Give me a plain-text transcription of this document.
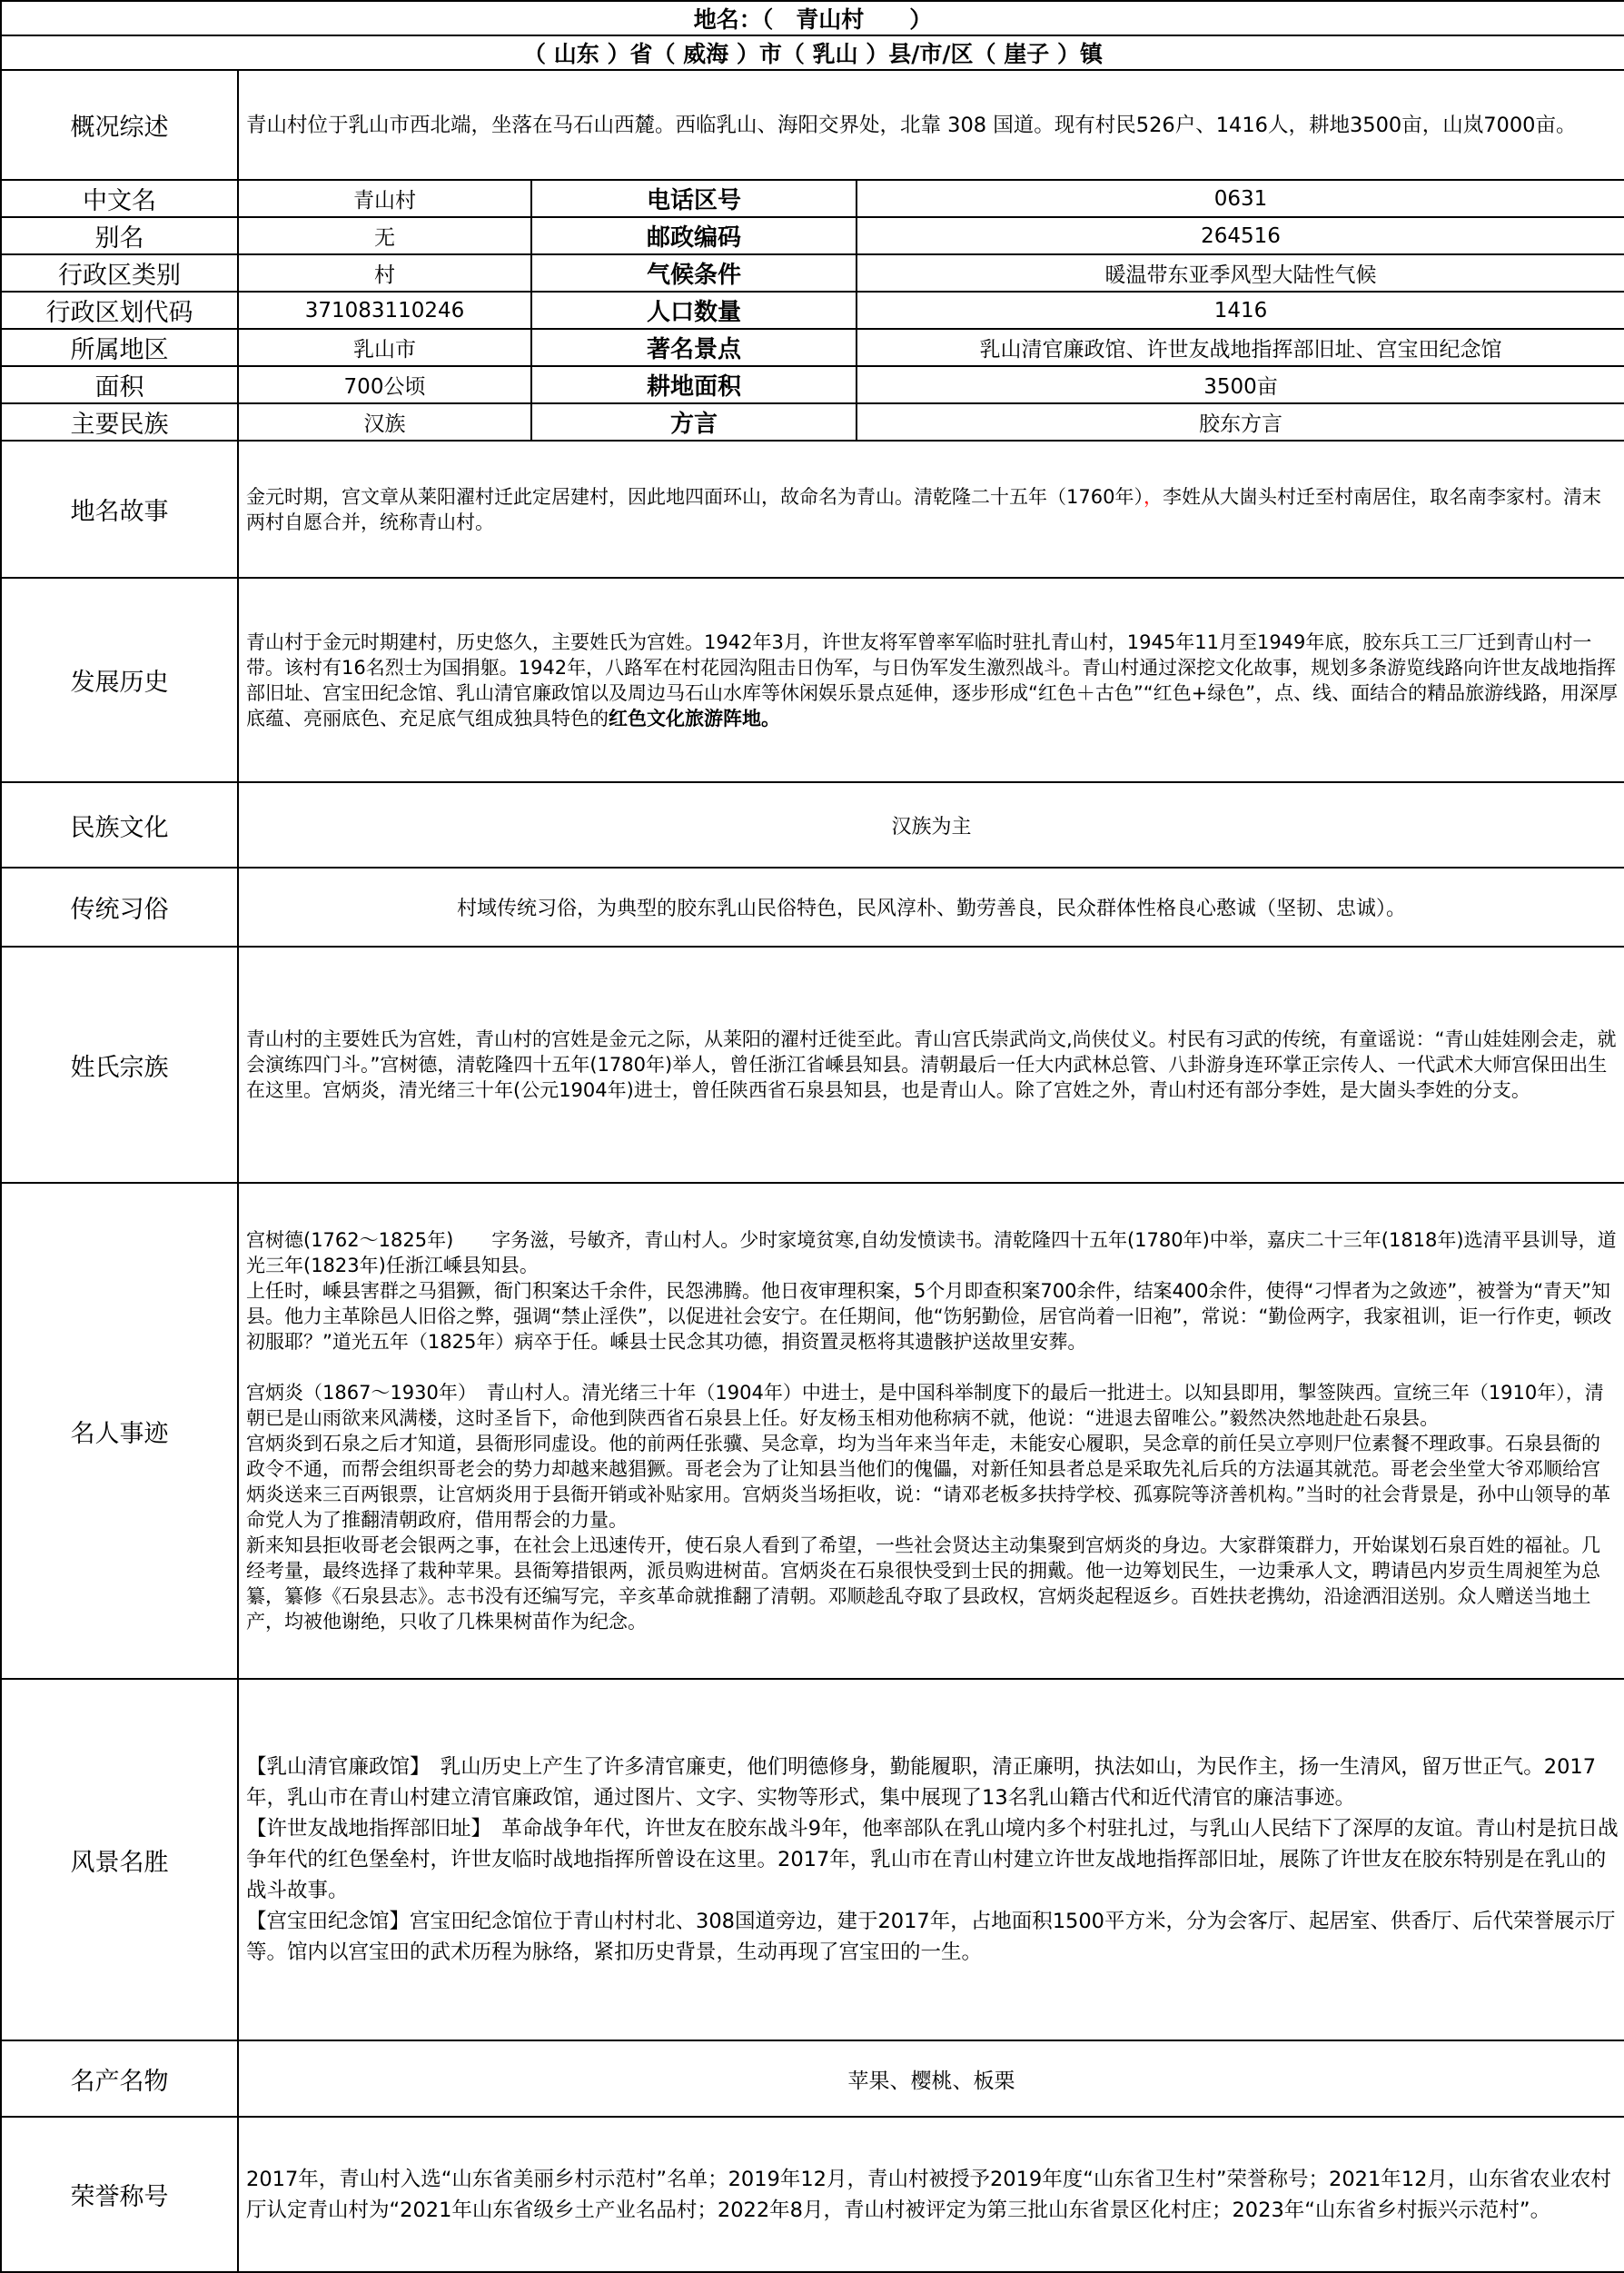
地名：（　青山村　　）			
（ 山东 ）省（ 威海 ）市（ 乳山 ）县/市/区（ 崖子 ）镇			
概况综述	青山村位于乳山市西北端，坐落在马石山西麓。西临乳山、海阳交界处，北靠 308 国道。现有村民526户、1416人，耕地3500亩，山岚7000亩。		
中文名	青山村	电话区号	0631
别名	无	邮政编码	264516
行政区类别	村	气候条件	暖温带东亚季风型大陆性气候
行政区划代码	371083110246	人口数量	1416
所属地区	乳山市	著名景点	乳山清官廉政馆、许世友战地指挥部旧址、宫宝田纪念馆
面积	700公顷	耕地面积	3500亩
主要民族	汉族	方言	胶东方言
地名故事	金元时期，宫文章从莱阳濯村迁此定居建村，因此地四面环山，故命名为青山。清乾隆二十五年（1760年），李姓从大崮头村迁至村南居住，取名南李家村。清末两村自愿合并，统称青山村。		
发展历史	青山村于金元时期建村，历史悠久，主要姓氏为宫姓。1942年3月，许世友将军曾率军临时驻扎青山村，1945年11月至1949年底，胶东兵工三厂迁到青山村一带。该村有16名烈士为国捐躯。1942年，八路军在村花园沟阻击日伪军，与日伪军发生激烈战斗。青山村通过深挖文化故事，规划多条游览线路向许世友战地指挥部旧址、宫宝田纪念馆、乳山清官廉政馆以及周边马石山水库等休闲娱乐景点延伸，逐步形成“红色＋古色”“红色+绿色”，点、线、面结合的精品旅游线路，用深厚底蕴、亮丽底色、充足底气组成独具特色的红色文化旅游阵地。		
民族文化	汉族为主		
传统习俗	村域传统习俗，为典型的胶东乳山民俗特色，民风淳朴、勤劳善良，民众群体性格良心憨诚（坚韧、忠诚）。		
姓氏宗族	青山村的主要姓氏为宫姓，青山村的宫姓是金元之际，从莱阳的濯村迁徙至此。青山宫氏崇武尚文,尚侠仗义。村民有习武的传统，有童谣说：“青山娃娃刚会走，就会演练四门斗。”宫树德，清乾隆四十五年(1780年)举人，曾任浙江省嵊县知县。清朝最后一任大内武林总管、八卦游身连环掌正宗传人、一代武术大师宫保田出生在这里。宫炳炎，清光绪三十年(公元1904年)进士，曾任陕西省石泉县知县，也是青山人。除了宫姓之外，青山村还有部分李姓，是大崮头李姓的分支。		
名人事迹	宫树德(1762～1825年)　　字务滋，号敏齐，青山村人。少时家境贫寒,自幼发愤读书。清乾隆四十五年(1780年)中举，嘉庆二十三年(1818年)选清平县训导，道光三年(1823年)任浙江嵊县知县。
上任时，嵊县害群之马猖獗，衙门积案达千余件，民怨沸腾。他日夜审理积案，5个月即查积案700余件，结案400余件，使得“刁悍者为之敛迹”，被誉为“青天”知县。他力主革除邑人旧俗之弊，强调“禁止淫佚”，以促进社会安宁。在任期间，他“饬躬勤俭，居官尚着一旧袍”，常说：“勤俭两字，我家祖训，讵一行作吏，顿改初服耶？”道光五年（1825年）病卒于任。嵊县士民念其功德，捐资置灵柩将其遗骸护送故里安葬。
宫炳炎（1867～1930年）　青山村人。清光绪三十年（1904年）中进士，是中国科举制度下的最后一批进士。以知县即用，掣签陕西。宣统三年（1910年），清朝已是山雨欲来风满楼，这时圣旨下，命他到陕西省石泉县上任。好友杨玉相劝他称病不就，他说：“进退去留唯公。”毅然决然地赴赴石泉县。
宫炳炎到石泉之后才知道，县衙形同虚设。他的前两任张骥、吴念章，均为当年来当年走，未能安心履职，吴念章的前任吴立亭则尸位素餐不理政事。石泉县衙的政令不通，而帮会组织哥老会的势力却越来越猖獗。哥老会为了让知县当他们的傀儡，对新任知县者总是采取先礼后兵的方法逼其就范。哥老会坐堂大爷邓顺给宫炳炎送来三百两银票，让宫炳炎用于县衙开销或补贴家用。宫炳炎当场拒收，说：“请邓老板多扶持学校、孤寡院等济善机构。”当时的社会背景是，孙中山领导的革命党人为了推翻清朝政府，借用帮会的力量。
新来知县拒收哥老会银两之事，在社会上迅速传开，使石泉人看到了希望，一些社会贤达主动集聚到宫炳炎的身边。大家群策群力，开始谋划石泉百姓的福祉。几经考量，最终选择了栽种苹果。县衙筹措银两，派员购进树苗。宫炳炎在石泉很快受到士民的拥戴。他一边筹划民生，一边秉承人文，聘请邑内岁贡生周昶笙为总纂，纂修《石泉县志》。志书没有还编写完，辛亥革命就推翻了清朝。邓顺趁乱夺取了县政权，宫炳炎起程返乡。百姓扶老携幼，沿途洒泪送别。众人赠送当地土产，均被他谢绝，只收了几株果树苗作为纪念。		

风景名胜	【乳山清官廉政馆】　乳山历史上产生了许多清官廉吏，他们明德修身，勤能履职，清正廉明，执法如山，为民作主，扬一生清风，留万世正气。2017年，乳山市在青山村建立清官廉政馆，通过图片、文字、实物等形式，集中展现了13名乳山籍古代和近代清官的廉洁事迹。
【许世友战地指挥部旧址】　革命战争年代，许世友在胶东战斗9年，他率部队在乳山境内多个村驻扎过，与乳山人民结下了深厚的友谊。青山村是抗日战争年代的红色堡垒村，许世友临时战地指挥所曾设在这里。2017年，乳山市在青山村建立许世友战地指挥部旧址，展陈了许世友在胶东特别是在乳山的战斗故事。
【宫宝田纪念馆】宫宝田纪念馆位于青山村村北、308国道旁边，建于2017年，占地面积1500平方米，分为会客厅、起居室、供香厅、后代荣誉展示厅等。馆内以宫宝田的武术历程为脉络，紧扣历史背景，生动再现了宫宝田的一生。		

名产名物	苹果、樱桃、板栗		
荣誉称号	2017年，青山村入选“山东省美丽乡村示范村”名单；2019年12月，青山村被授予2019年度“山东省卫生村”荣誉称号；2021年12月，山东省农业农村厅认定青山村为“2021年山东省级乡土产业名品村；2022年8月，青山村被评定为第三批山东省景区化村庄；2023年“山东省乡村振兴示范村”。		
